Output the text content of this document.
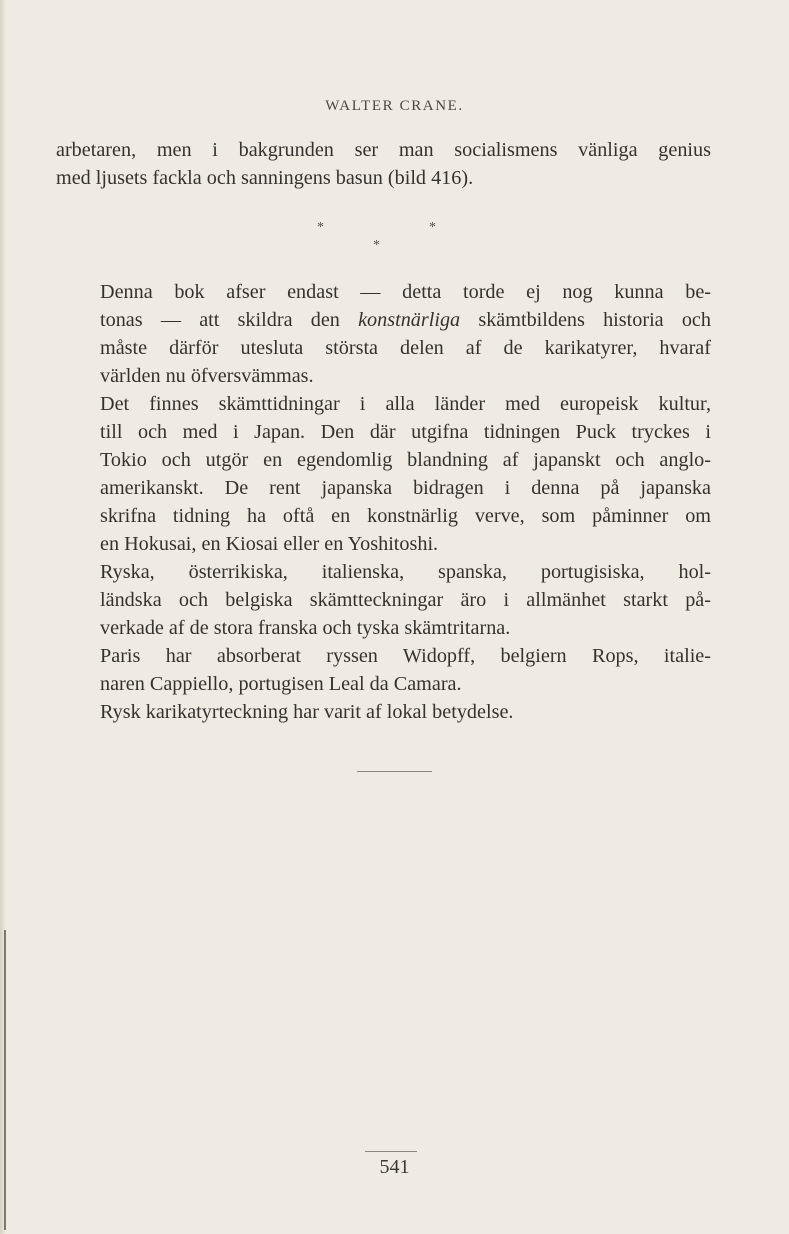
WALTER CRANE.

arbetaren, men i bakgrunden ser man socialismens vänliga genius
med ljusets fackla och sanningens basun (bild 416).

*	*
*

Denna bok afser endast — detta torde ej nog kunna be-
tonas — att skildra den konstnärliga skämtbildens historia och
måste därför utesluta största delen af de karikatyrer, hvaraf
världen nu öfversvämmas.

Det finnes skämttidningar i alla länder med europeisk kultur,
till och med i Japan. Den där utgifna tidningen Puck tryckes i
Tokio och utgör en egendomlig blandning af japanskt och anglo-
amerikanskt. De rent japanska bidragen i denna på japanska
skrifna tidning ha oftå en konstnärlig verve, som påminner om
en Hokusai, en Kiosai eller en Yoshitoshi.

Ryska, österrikiska, italienska, spanska, portugisiska, hol-
ländska och belgiska skämtteckningar äro i allmänhet starkt på-
verkade af de stora franska och tyska skämtritarna.

Paris har absorberat ryssen Widopff, belgiern Rops, italie-
naren Cappiello, portugisen Leal da Camara.

Rysk karikatyrteckning har varit af lokal betydelse.

541
